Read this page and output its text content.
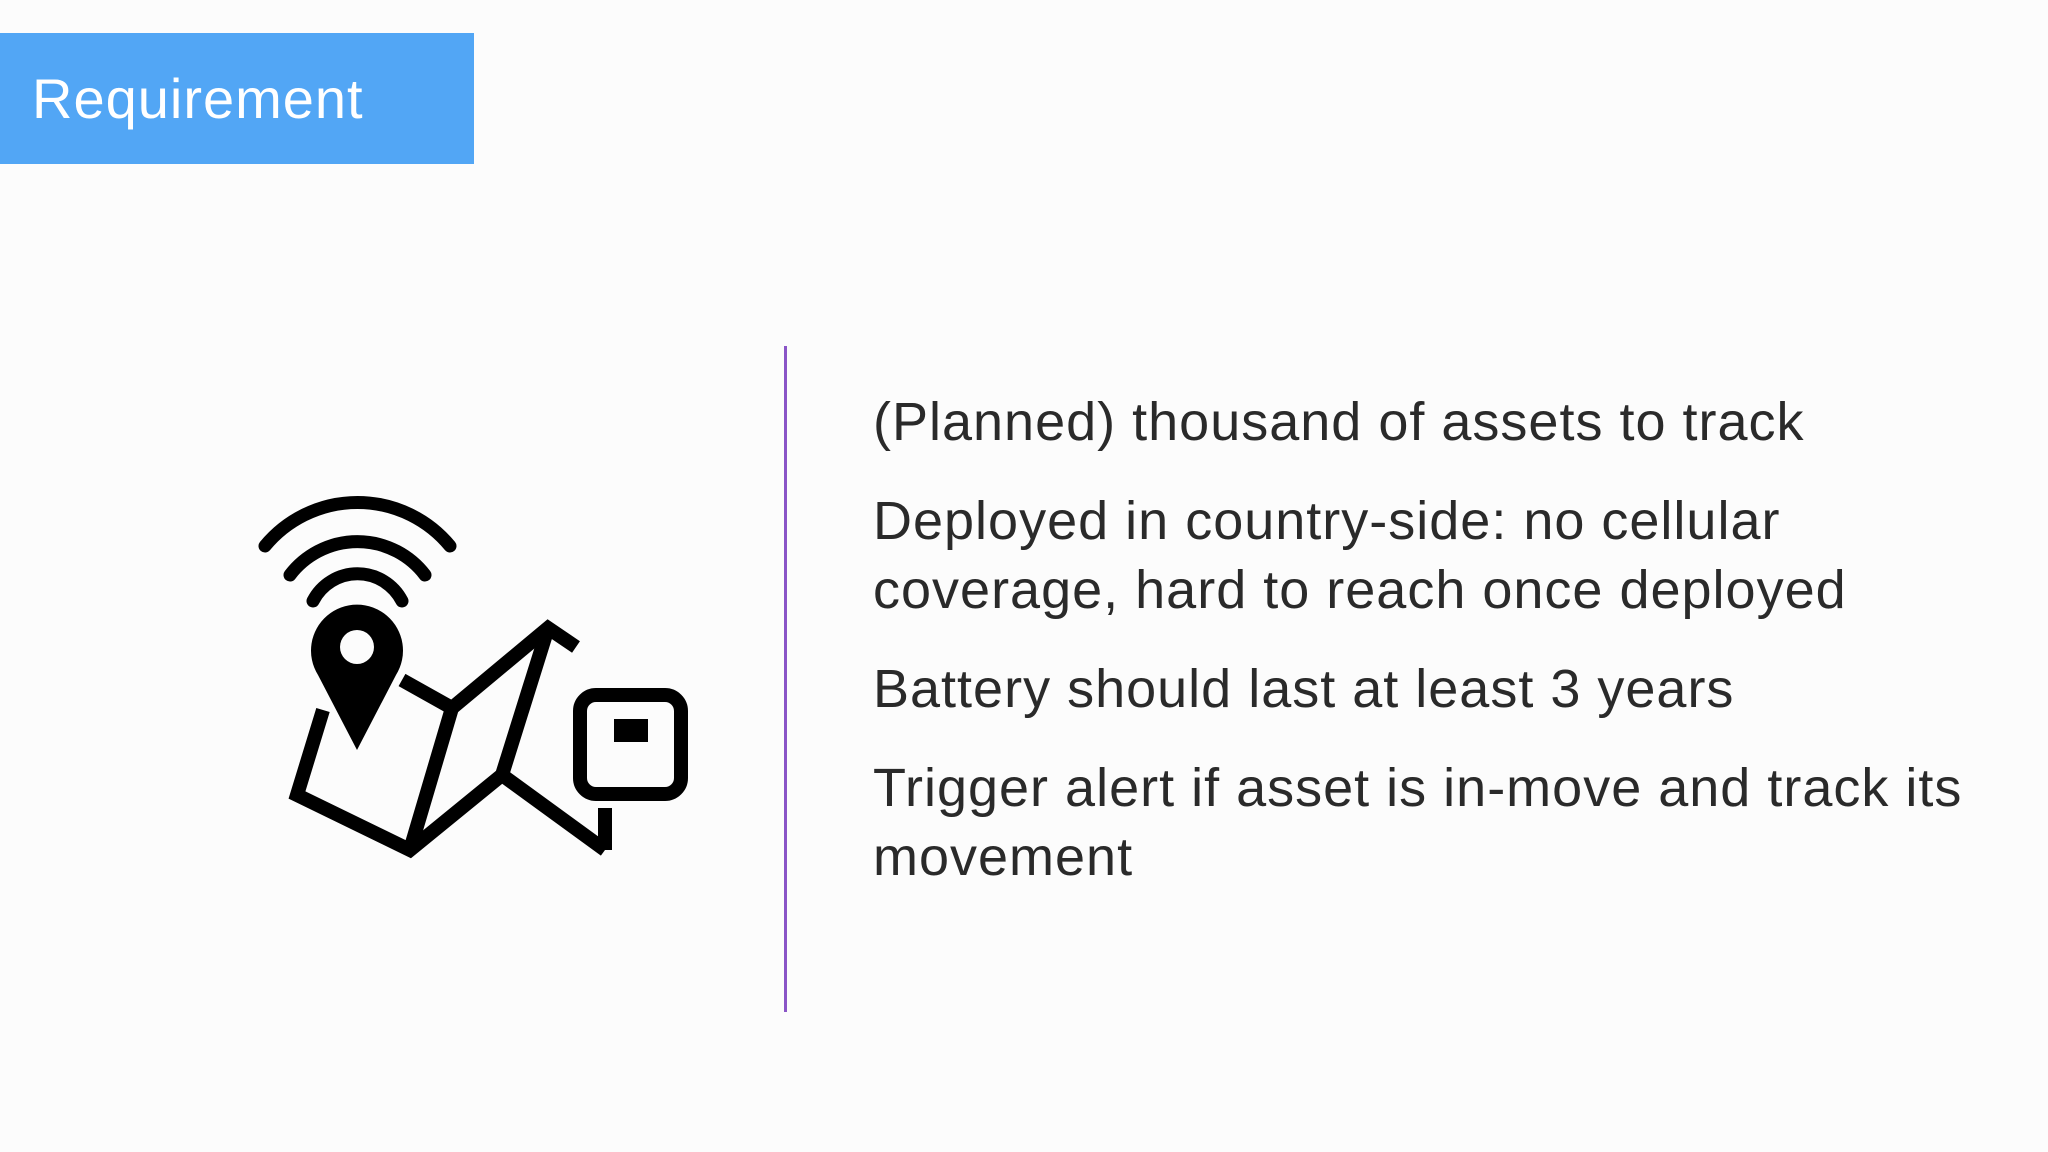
Requirement
(Planned) thousand of assets to track
Deployed in country-side: no cellular coverage, hard to reach once deployed
Battery should last at least 3 years
Trigger alert if asset is in-move and track its movement
